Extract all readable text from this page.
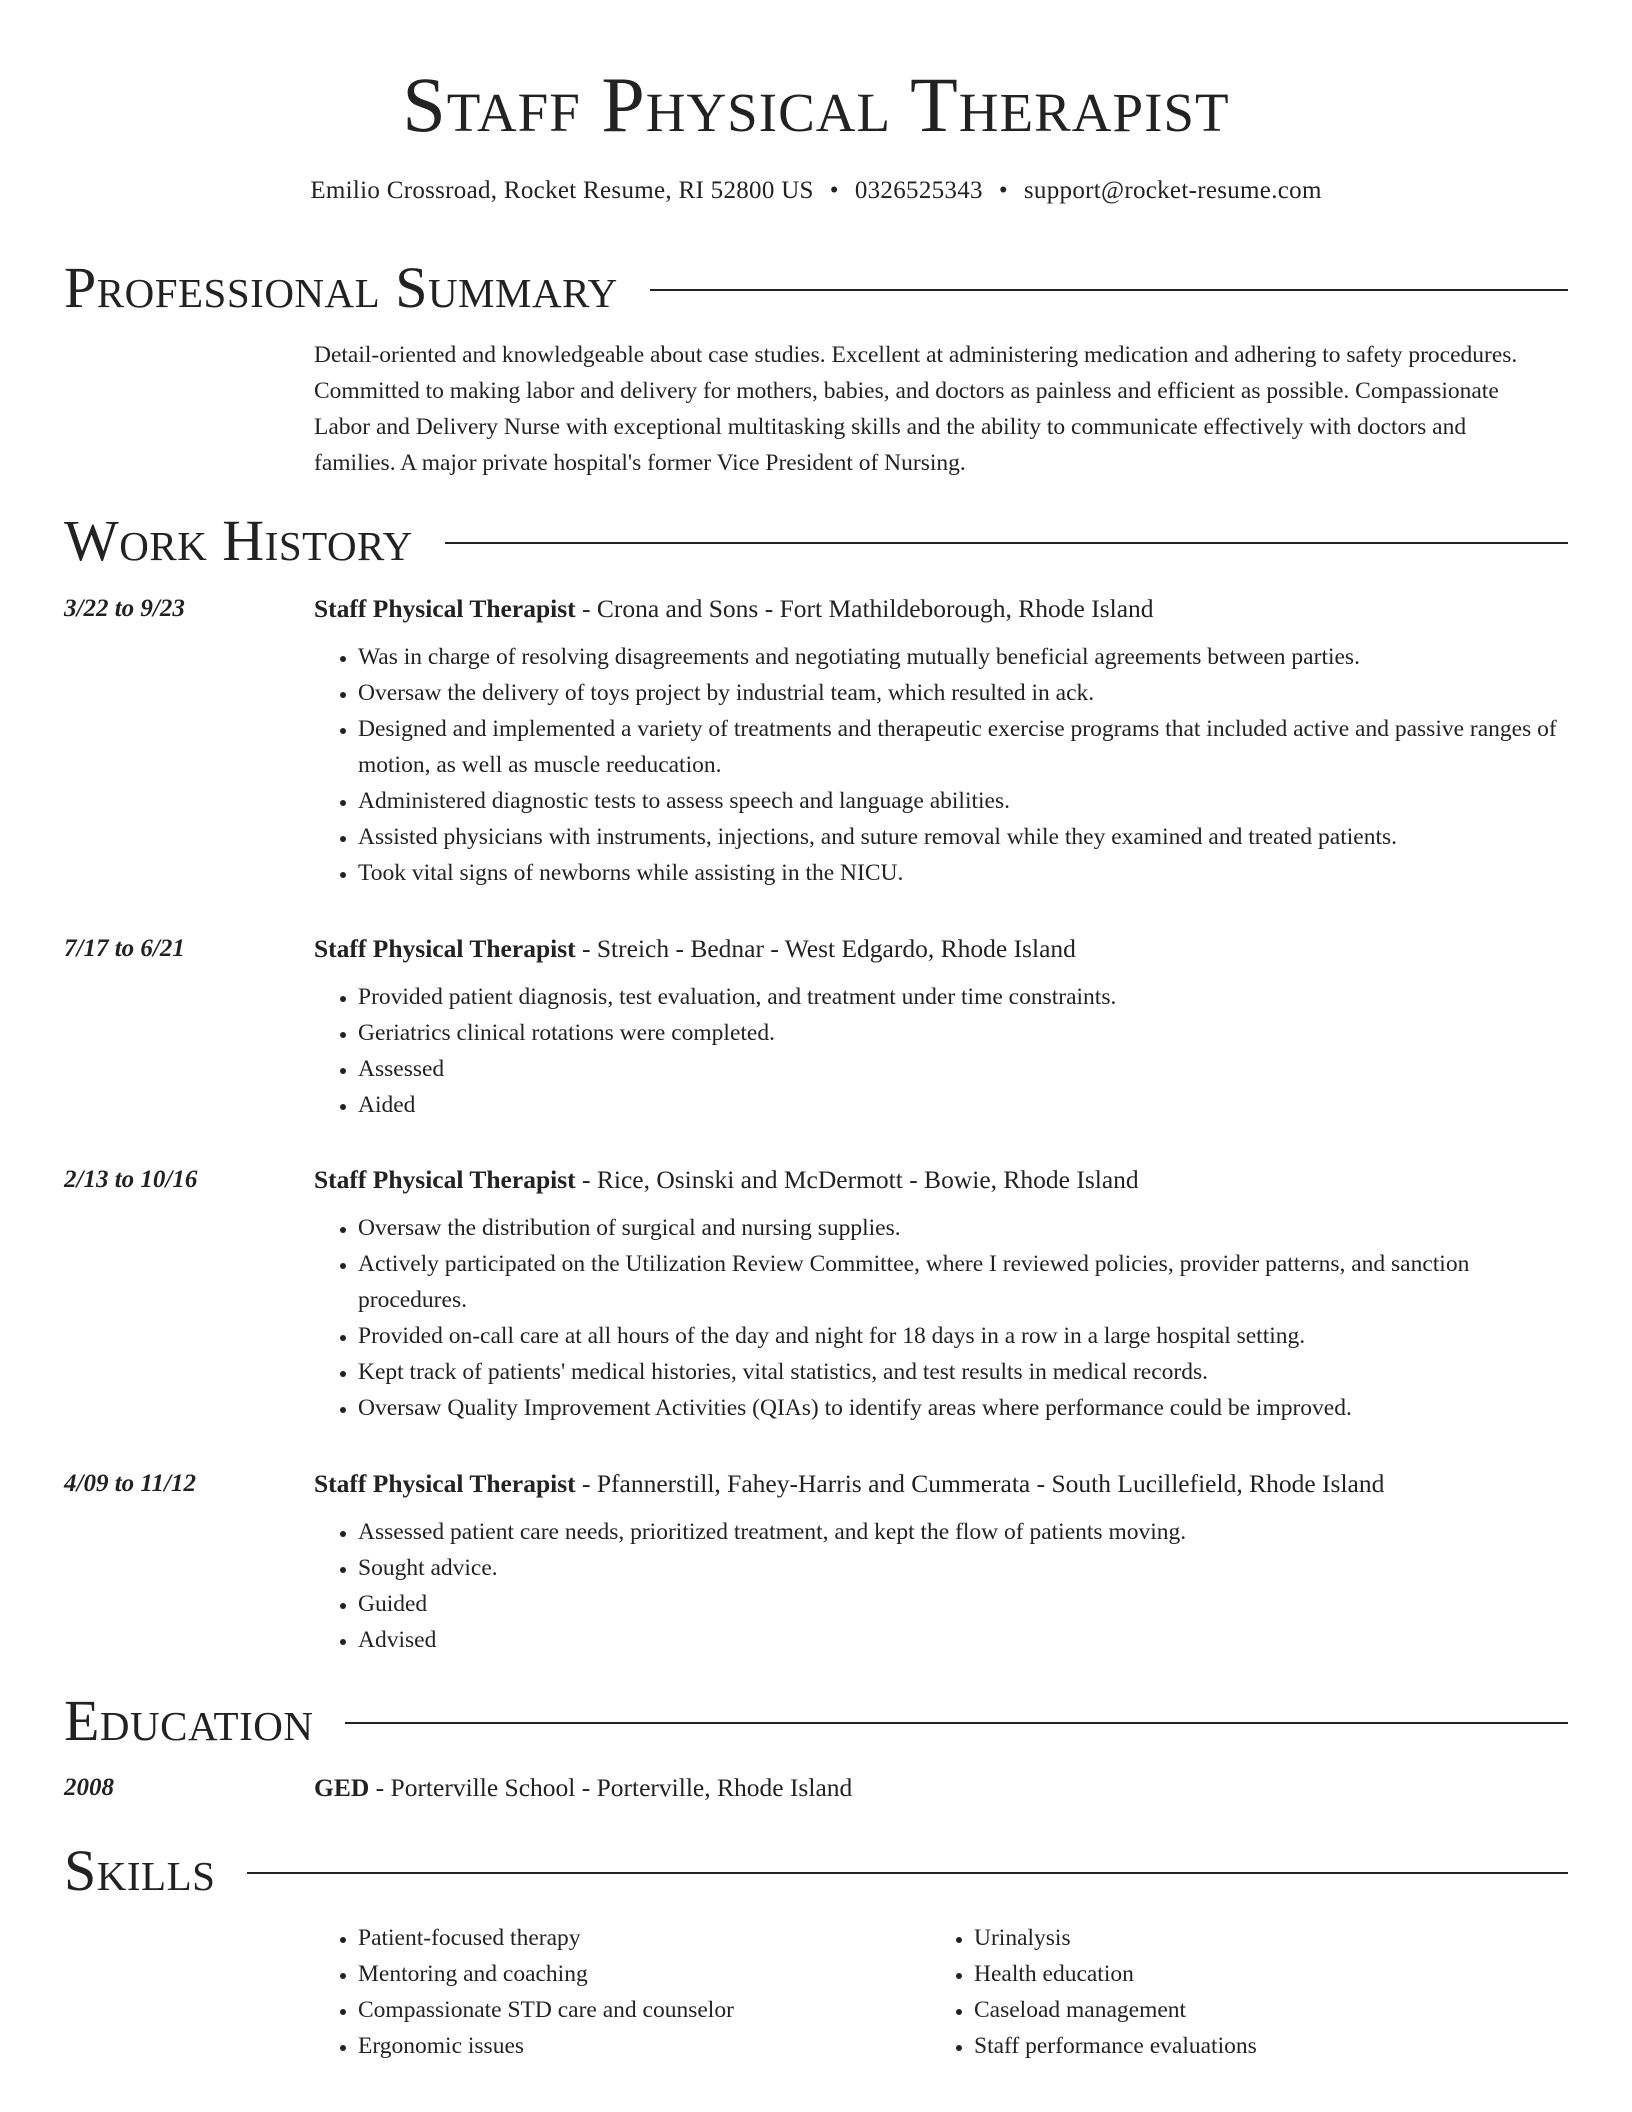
Staff Physical Therapist
Emilio Crossroad, Rocket Resume, RI 52800 US • 0326525343 • support@rocket-resume.com
Professional Summary

Detail-oriented and knowledgeable about case studies. Excellent at administering medication and adhering to safety procedures. Committed to making labor and delivery for mothers, babies, and doctors as painless and efficient as possible. Compassionate Labor and Delivery Nurse with exceptional multitasking skills and the ability to communicate effectively with doctors and families. A major private hospital's former Vice President of Nursing.

Work History
3/22 to 9/23	Staff Physical Therapist - Crona and Sons - Fort Mathildeborough, Rhode Island
• Was in charge of resolving disagreements and negotiating mutually beneficial agreements between parties.
• Oversaw the delivery of toys project by industrial team, which resulted in ack.
• Designed and implemented a variety of treatments and therapeutic exercise programs that included active and passive ranges of motion, as well as muscle reeducation.
• Administered diagnostic tests to assess speech and language abilities.
• Assisted physicians with instruments, injections, and suture removal while they examined and treated patients.
• Took vital signs of newborns while assisting in the NICU.
7/17 to 6/21	Staff Physical Therapist - Streich - Bednar - West Edgardo, Rhode Island
• Provided patient diagnosis, test evaluation, and treatment under time constraints.
• Geriatrics clinical rotations were completed.
• Assessed
• Aided
2/13 to 10/16	Staff Physical Therapist - Rice, Osinski and McDermott - Bowie, Rhode Island
• Oversaw the distribution of surgical and nursing supplies.
• Actively participated on the Utilization Review Committee, where I reviewed policies, provider patterns, and sanction procedures.
• Provided on-call care at all hours of the day and night for 18 days in a row in a large hospital setting.
• Kept track of patients' medical histories, vital statistics, and test results in medical records.
• Oversaw Quality Improvement Activities (QIAs) to identify areas where performance could be improved.
4/09 to 11/12	Staff Physical Therapist - Pfannerstill, Fahey-Harris and Cummerata - South Lucillefield, Rhode Island
• Assessed patient care needs, prioritized treatment, and kept the flow of patients moving.
• Sought advice.
• Guided
• Advised
Education
2008	GED - Porterville School - Porterville, Rhode Island
Skills
• Patient-focused therapy
• Mentoring and coaching
• Compassionate STD care and counselor
• Ergonomic issues
• Urinalysis
• Health education
• Caseload management
• Staff performance evaluations
